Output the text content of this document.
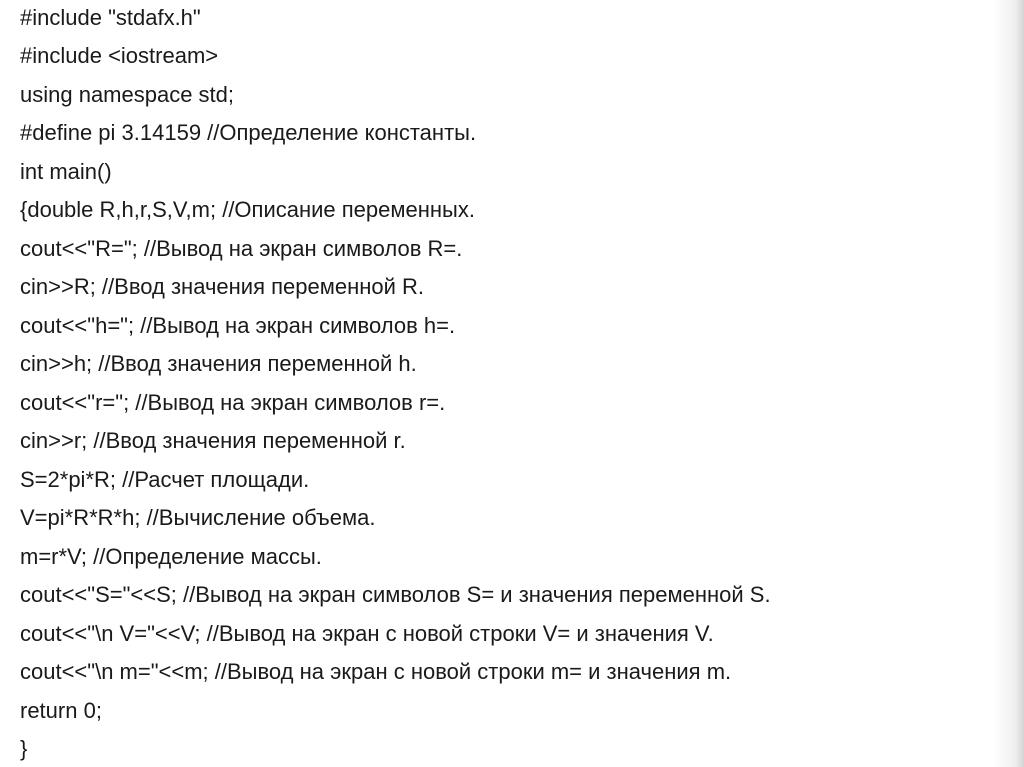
#include "stdafx.h"
#include <iostream>
using namespace std;
#define pi 3.14159 //Определение константы.
int main()
{double R,h,r,S,V,m; //Описание переменных.
cout<<"R="; //Вывод на экран символов R=.
cin>>R; //Ввод значения переменной R.
cout<<"h="; //Вывод на экран символов h=.
cin>>h; //Ввод значения переменной h.
cout<<"r="; //Вывод на экран символов r=.
cin>>r; //Ввод значения переменной r.
S=2*pi*R; //Расчет площади.
V=pi*R*R*h; //Вычисление объема.
m=r*V; //Определение массы.
cout<<"S="<<S; //Вывод на экран символов S= и значения переменной S.
cout<<"\n V="<<V; //Вывод на экран с новой строки V= и значения V.
cout<<"\n m="<<m; //Вывод на экран с новой строки m= и значения m.
return 0;
}
